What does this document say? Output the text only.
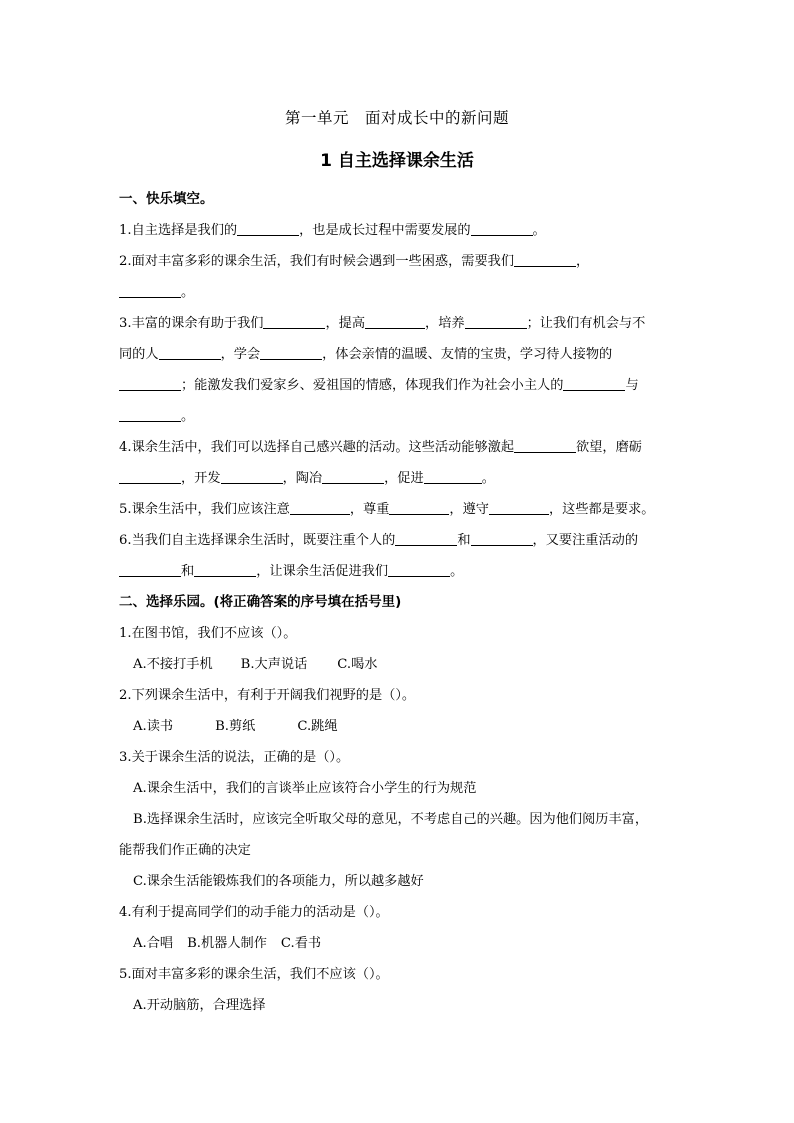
第一单元　面对成长中的新问题
1 自主选择课余生活
一、快乐填空。
1.自主选择是我们的	，也是成长过程中需要发展的	。
2.面对丰富多彩的课余生活，我们有时候会遇到一些困惑，需要我们	，
。
3.丰富的课余有助于我们	，提高	，培养	；让我们有机会与不
同的人	，学会	，体会亲情的温暖、友情的宝贵，学习待人接物的
；能激发我们爱家乡、爱祖国的情感，体现我们作为社会小主人的	与
。
4.课余生活中，我们可以选择自己感兴趣的活动。这些活动能够激起	欲望，磨砺
，开发	，陶冶	，促进	。
5.课余生活中，我们应该注意	，尊重	，遵守	，这些都是要求。
6.当我们自主选择课余生活时，既要注重个人的	和	，又要注重活动的
和	，让课余生活促进我们	。
二、选择乐园。(将正确答案的序号填在括号里)
1.在图书馆，我们不应该（）。
A.不接打手机 B.大声说话 C.喝水
2.下列课余生活中，有利于开阔我们视野的是（）。
A.读书	B.剪纸	C.跳绳
3.关于课余生活的说法，正确的是（）。
A.课余生活中，我们的言谈举止应该符合小学生的行为规范
B.选择课余生活时，应该完全听取父母的意见，不考虑自己的兴趣。因为他们阅历丰富，
能帮我们作正确的决定
C.课余生活能锻炼我们的各项能力，所以越多越好
4.有利于提高同学们的动手能力的活动是（）。
A.合唱 B.机器人制作 C.看书
5.面对丰富多彩的课余生活，我们不应该（）。
A.开动脑筋，合理选择
